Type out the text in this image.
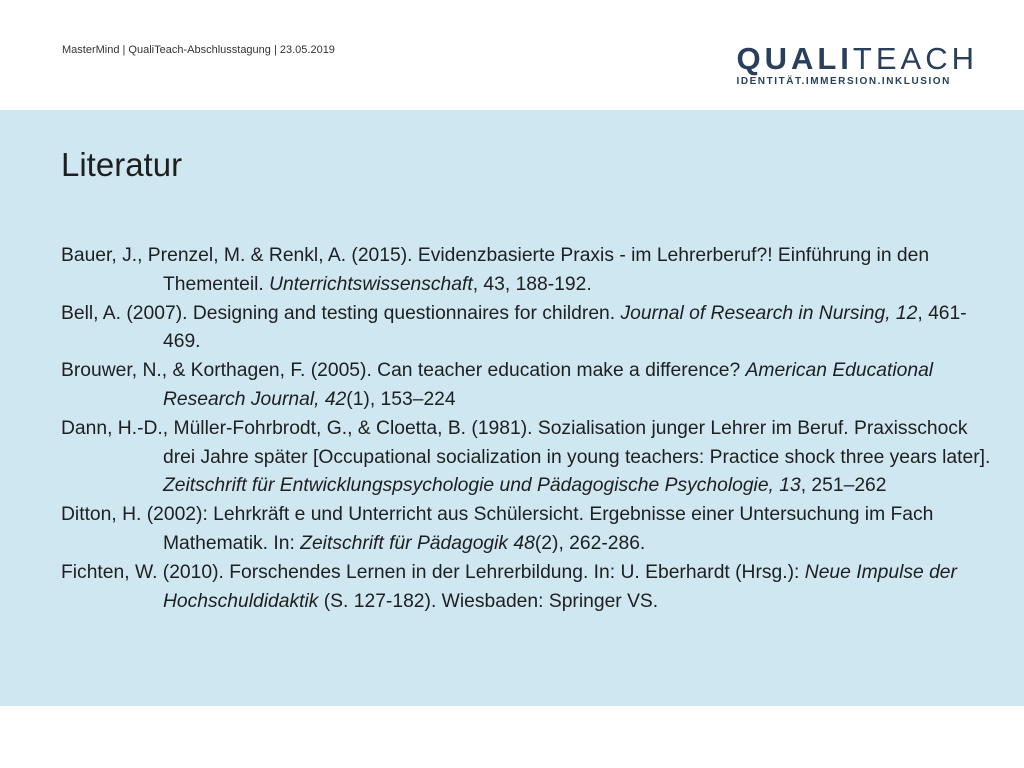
MasterMind | QualiTeach-Abschlusstagung | 23.05.2019	QUALITEACH
IDENTITÄT.IMMERSION.INKLUSION
Literatur
Bauer, J., Prenzel, M. & Renkl, A. (2015). Evidenzbasierte Praxis - im Lehrerberuf?! Einführung in den Thementeil. Unterrichtswissenschaft, 43, 188-192.
Bell, A. (2007). Designing and testing questionnaires for children. Journal of Research in Nursing, 12, 461-469.
Brouwer, N., & Korthagen, F. (2005). Can teacher education make a difference? American Educational Research Journal, 42(1), 153–224
Dann, H.-D., Müller-Fohrbrodt, G., & Cloetta, B. (1981). Sozialisation junger Lehrer im Beruf. Praxisschock drei Jahre später [Occupational socialization in young teachers: Practice shock three years later]. Zeitschrift für Entwicklungspsychologie und Pädagogische Psychologie, 13, 251–262
Ditton, H. (2002): Lehrkräft e und Unterricht aus Schülersicht. Ergebnisse einer Untersuchung im Fach Mathematik. In: Zeitschrift für Pädagogik 48(2), 262-286.
Fichten, W. (2010). Forschendes Lernen in der Lehrerbildung. In: U. Eberhardt (Hrsg.): Neue Impulse der Hochschuldidaktik (S. 127-182). Wiesbaden: Springer VS.
